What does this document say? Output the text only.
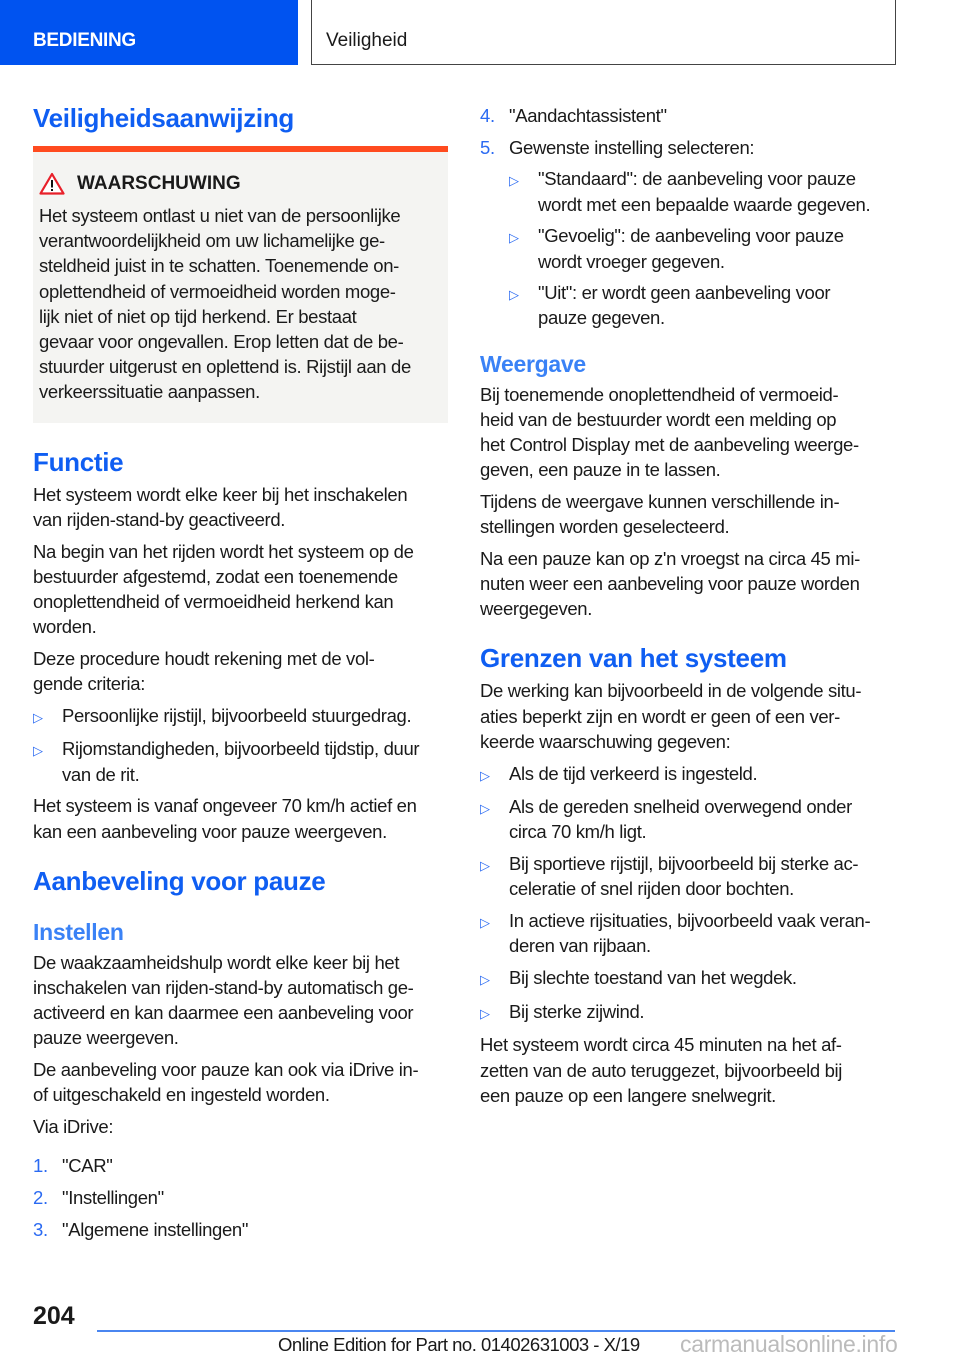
BEDIENING	Veiligheid
Veiligheidsaanwijzing
WAARSCHUWING
Het systeem ontlast u niet van de persoonlijke
verantwoordelijkheid om uw lichamelijke ge-
steldheid juist in te schatten. Toenemende on-
oplettendheid of vermoeidheid worden moge-
lijk niet of niet op tijd herkend. Er bestaat
gevaar voor ongevallen. Erop letten dat de be-
stuurder uitgerust en oplettend is. Rijstijl aan de
verkeerssituatie aanpassen.
Functie
Het systeem wordt elke keer bij het inschakelen
van rijden-stand-by geactiveerd.
Na begin van het rijden wordt het systeem op de
bestuurder afgestemd, zodat een toenemende
onoplettendheid of vermoeidheid herkend kan
worden.
Deze procedure houdt rekening met de vol-
gende criteria:
▷	Persoonlijke rijstijl, bijvoorbeeld stuurgedrag.
▷	Rijomstandigheden, bijvoorbeeld tijdstip, duur
van de rit.
Het systeem is vanaf ongeveer 70 km/h actief en
kan een aanbeveling voor pauze weergeven.
Aanbeveling voor pauze
Instellen
De waakzaamheidshulp wordt elke keer bij het
inschakelen van rijden-stand-by automatisch ge-
activeerd en kan daarmee een aanbeveling voor
pauze weergeven.
De aanbeveling voor pauze kan ook via iDrive in-
of uitgeschakeld en ingesteld worden.
Via iDrive:
1. "CAR"
2. "Instellingen"
3. "Algemene instellingen"
4. "Aandachtassistent"
5. Gewenste instelling selecteren:
▷	"Standaard": de aanbeveling voor pauze
wordt met een bepaalde waarde gegeven.
▷	"Gevoelig": de aanbeveling voor pauze
wordt vroeger gegeven.
▷	"Uit": er wordt geen aanbeveling voor
pauze gegeven.
Weergave
Bij toenemende onoplettendheid of vermoeid-
heid van de bestuurder wordt een melding op
het Control Display met de aanbeveling weerge-
geven, een pauze in te lassen.
Tijdens de weergave kunnen verschillende in-
stellingen worden geselecteerd.
Na een pauze kan op z'n vroegst na circa 45 mi-
nuten weer een aanbeveling voor pauze worden
weergegeven.
Grenzen van het systeem
De werking kan bijvoorbeeld in de volgende situ-
aties beperkt zijn en wordt er geen of een ver-
keerde waarschuwing gegeven:
▷	Als de tijd verkeerd is ingesteld.
▷	Als de gereden snelheid overwegend onder
circa 70 km/h ligt.
▷	Bij sportieve rijstijl, bijvoorbeeld bij sterke ac-
celeratie of snel rijden door bochten.
▷	In actieve rijsituaties, bijvoorbeeld vaak veran-
deren van rijbaan.
▷	Bij slechte toestand van het wegdek.
▷	Bij sterke zijwind.
Het systeem wordt circa 45 minuten na het af-
zetten van de auto teruggezet, bijvoorbeeld bij
een pauze op een langere snelwegrit.
204
Online Edition for Part no. 01402631003 - X/19 carmanualsonline.info
